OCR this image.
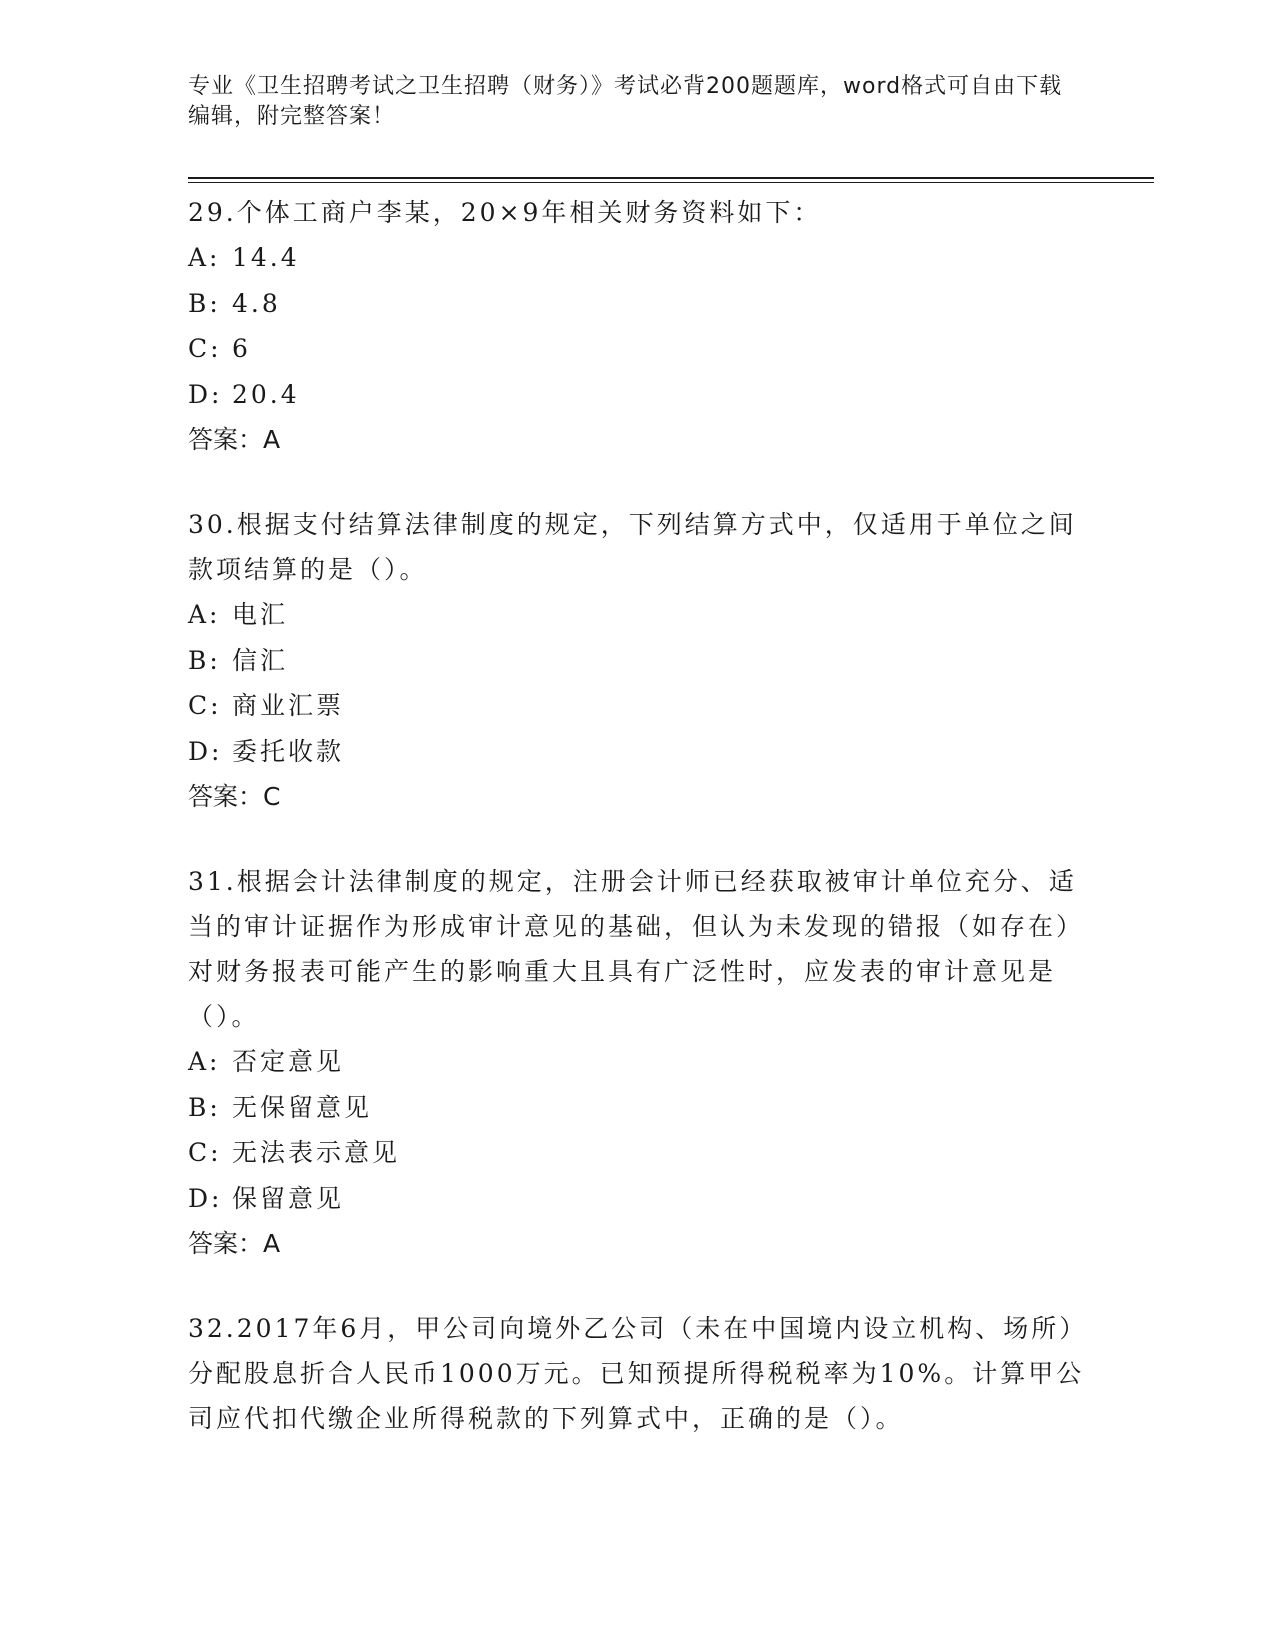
专业《卫生招聘考试之卫生招聘（财务）》考试必背200题题库，word格式可自由下载编辑，附完整答案！

29.个体工商户李某，20×9年相关财务资料如下：

A: 14.4

B: 4.8

C: 6

D: 20.4

答案：A

30.根据支付结算法律制度的规定，下列结算方式中，仅适用于单位之间款项结算的是（）。

A: 电汇

B: 信汇

C: 商业汇票

D: 委托收款

答案：C

31.根据会计法律制度的规定，注册会计师已经获取被审计单位充分、适当的审计证据作为形成审计意见的基础，但认为未发现的错报（如存在）对财务报表可能产生的影响重大且具有广泛性时，应发表的审计意见是（）。

A: 否定意见

B: 无保留意见

C: 无法表示意见

D: 保留意见

答案：A

32.2017年6月，甲公司向境外乙公司（未在中国境内设立机构、场所）分配股息折合人民币1000万元。已知预提所得税税率为10%。计算甲公司应代扣代缴企业所得税款的下列算式中，正确的是（）。
